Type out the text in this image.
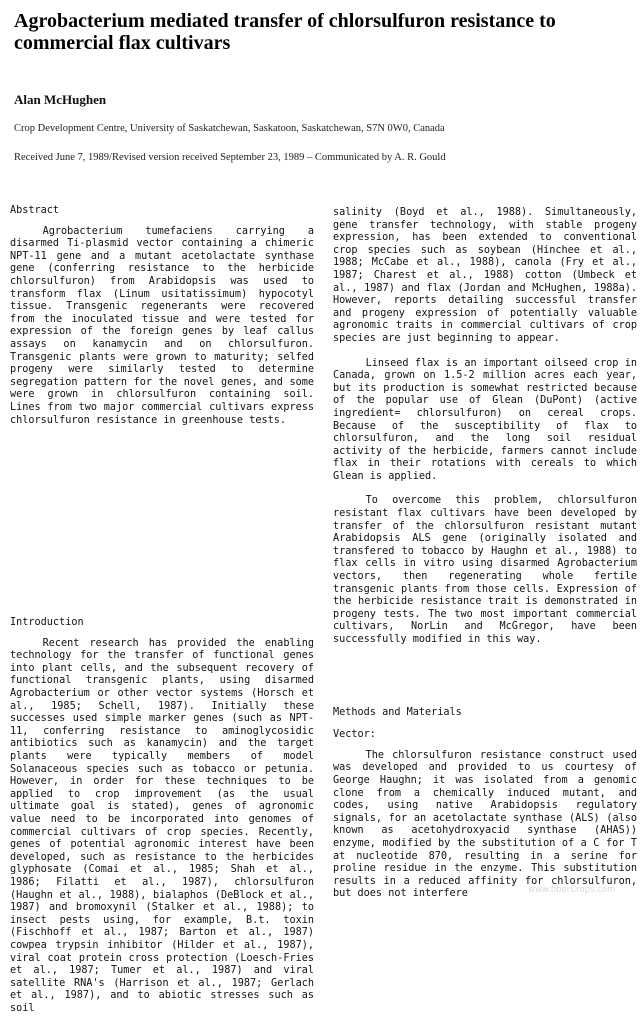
Agrobacterium mediated transfer of chlorsulfuron resistance to commercial flax cultivars
Alan McHughen
Crop Development Centre, University of Saskatchewan, Saskatoon, Saskatchewan, S7N 0W0, Canada
Received June 7, 1989/Revised version received September 23, 1989 – Communicated by A. R. Gould
Abstract

Agrobacterium tumefaciens carrying a disarmed Ti-plasmid vector containing a chimeric NPT-11 gene and a mutant acetolactate synthase gene (conferring resistance to the herbicide chlorsulfuron) from Arabidopsis was used to transform flax (Linum usitatissimum) hypocotyl tissue. Transgenic regenerants were recovered from the inoculated tissue and were tested for expression of the foreign genes by leaf callus assays on kanamycin and on chlorsulfuron. Transgenic plants were grown to maturity; selfed progeny were similarly tested to determine segregation pattern for the novel genes, and some were grown in chlorsulfuron containing soil. Lines from two major commercial cultivars express chlorsulfuron resistance in greenhouse tests.

Introduction

Recent research has provided the enabling technology for the transfer of functional genes into plant cells, and the subsequent recovery of functional transgenic plants, using disarmed Agrobacterium or other vector systems (Horsch et al., 1985; Schell, 1987). Initially these successes used simple marker genes (such as NPT-11, conferring resistance to aminoglycosidic antibiotics such as kanamycin) and the target plants were typically members of model Solanaceous species such as tobacco or petunia. However, in order for these techniques to be applied to crop improvement (as the usual ultimate goal is stated), genes of agronomic value need to be incorporated into genomes of commercial cultivars of crop species. Recently, genes of potential agronomic interest have been developed, such as resistance to the herbicides glyphosate (Comai et al., 1985; Shah et al., 1986; Filatti et al., 1987), chlorsulfuron (Haughn et al., 1988), bialaphos (DeBlock et al., 1987) and bromoxynil (Stalker et al., 1988); to insect pests using, for example, B.t. toxin (Fischhoff et al., 1987; Barton et al., 1987) cowpea trypsin inhibitor (Hilder et al., 1987), viral coat protein cross protection (Loesch-Fries et al., 1987; Tumer et al., 1987) and viral satellite RNA's (Harrison et al., 1987; Gerlach et al., 1987), and to abiotic stresses such as soil

salinity (Boyd et al., 1988). Simultaneously, gene transfer technology, with stable progeny expression, has been extended to conventional crop species such as soybean (Hinchee et al., 1988; McCabe et al., 1988), canola (Fry et al., 1987; Charest et al., 1988) cotton (Umbeck et al., 1987) and flax (Jordan and McHughen, 1988a). However, reports detailing successful transfer and progeny expression of potentially valuable agronomic traits in commercial cultivars of crop species are just beginning to appear.

Linseed flax is an important oilseed crop in Canada, grown on 1.5-2 million acres each year, but its production is somewhat restricted because of the popular use of Glean (DuPont) (active ingredient= chlorsulfuron) on cereal crops. Because of the susceptibility of flax to chlorsulfuron, and the long soil residual activity of the herbicide, farmers cannot include flax in their rotations with cereals to which Glean is applied.

To overcome this problem, chlorsulfuron resistant flax cultivars have been developed by transfer of the chlorsulfuron resistant mutant Arabidopsis ALS gene (originally isolated and transfered to tobacco by Haughn et al., 1988) to flax cells in vitro using disarmed Agrobacterium vectors, then regenerating whole fertile transgenic plants from those cells. Expression of the herbicide resistance trait is demonstrated in progeny tests. The two most important commercial cultivars, NorLin and McGregor, have been successfully modified in this way.

Methods and Materials
Vector:

The chlorsulfuron resistance construct used was developed and provided to us courtesy of George Haughn; it was isolated from a genomic clone from a chemically induced mutant, and codes, using native Arabidopsis regulatory signals, for an acetolactate synthase (ALS) (also known as acetohydroxyacid synthase (AHAS)) enzyme, modified by the substitution of a C for T at nucleotide 870, resulting in a serine for proline residue in the enzyme. This substitution results in a reduced affinity for chlorsulfuron, but does not interfere	www.fiberCrops.com
